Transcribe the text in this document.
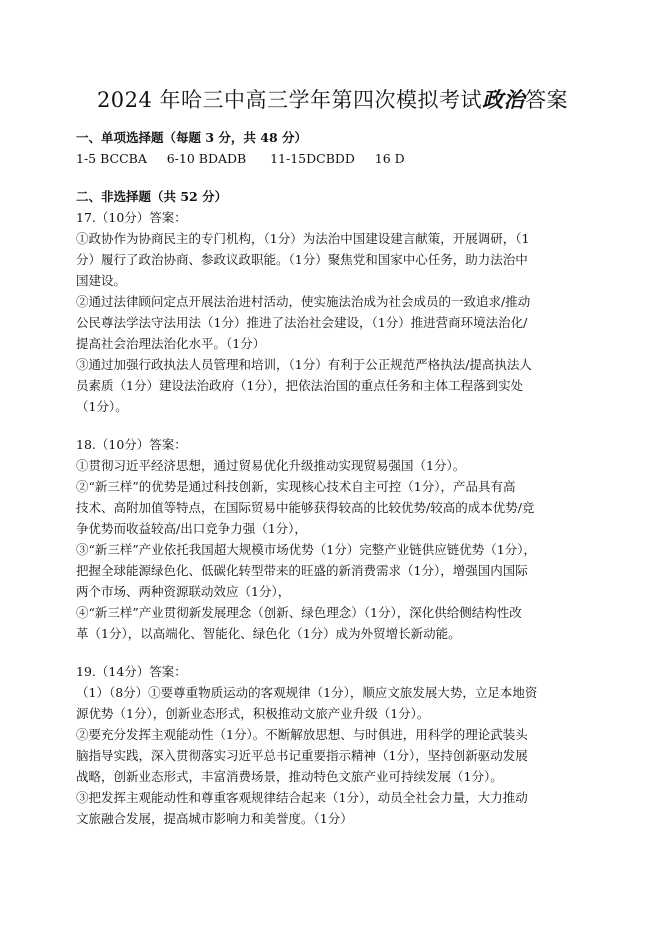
2024 年哈三中高三学年第四次模拟考试政治答案
一、单项选择题（每题 3 分，共 48 分）
1-5 BCCBA     6-10 BDADB      11-15DCBDD     16 D
二、非选择题（共 52 分）
17.（10分）答案：
①政协作为协商民主的专门机构，（1分）为法治中国建设建言献策，开展调研，（1
分）履行了政治协商、参政议政职能。（1分）聚焦党和国家中心任务，助力法治中
国建设。
②通过法律顾问定点开展法治进村活动，使实施法治成为社会成员的一致追求/推动
公民尊法学法守法用法（1分）推进了法治社会建设，（1分）推进营商环境法治化/
提高社会治理法治化水平。（1分）
③通过加强行政执法人员管理和培训，（1分）有利于公正规范严格执法/提高执法人
员素质（1分）建设法治政府（1分），把依法治国的重点任务和主体工程落到实处
（1分）。
18.（10分）答案：
①贯彻习近平经济思想，通过贸易优化升级推动实现贸易强国（1分）。
②“新三样”的优势是通过科技创新，实现核心技术自主可控（1分），产品具有高
技术、高附加值等特点，在国际贸易中能够获得较高的比较优势/较高的成本优势/竞
争优势而收益较高/出口竞争力强（1分），
③“新三样”产业依托我国超大规模市场优势（1分）完整产业链供应链优势（1分），
把握全球能源绿色化、低碳化转型带来的旺盛的新消费需求（1分），增强国内国际
两个市场、两种资源联动效应（1分），
④“新三样”产业贯彻新发展理念（创新、绿色理念）（1分），深化供给侧结构性改
革（1分），以高端化、智能化、绿色化（1分）成为外贸增长新动能。
19.（14分）答案：
（1）（8分）①要尊重物质运动的客观规律（1分），顺应文旅发展大势，立足本地资
源优势（1分），创新业态形式，积极推动文旅产业升级（1分）。
②要充分发挥主观能动性（1分）。不断解放思想、与时俱进，用科学的理论武装头
脑指导实践，深入贯彻落实习近平总书记重要指示精神（1分），坚持创新驱动发展
战略，创新业态形式，丰富消费场景，推动特色文旅产业可持续发展（1分）。
③把发挥主观能动性和尊重客观规律结合起来（1分），动员全社会力量，大力推动
文旅融合发展，提高城市影响力和美誉度。（1分）
